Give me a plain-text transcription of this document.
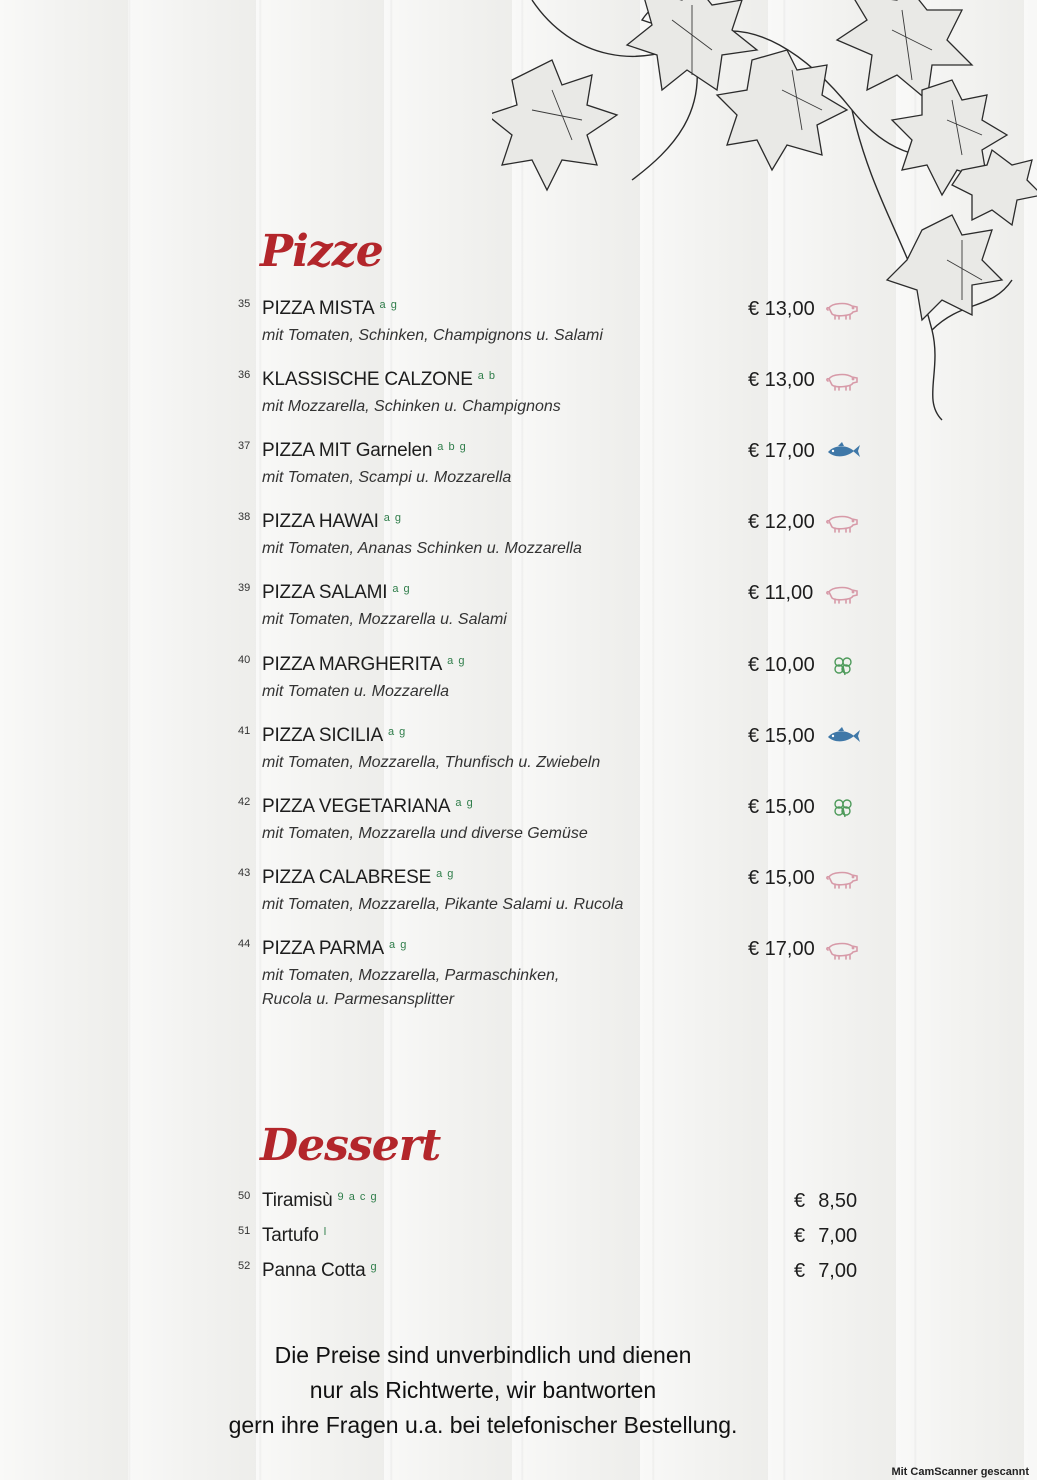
Pizze
35 PIZZA MISTA $^{a g}$
mit Tomaten, Schinken, Champignons u. Salami
€ 13,00
36 KLASSISCHE CALZONE $^{a b}$
mit Mozzarella, Schinken u. Champignons
€ 13,00
37 PIZZA MIT Garnelen $^{a b g}$
mit Tomaten, Scampi u. Mozzarella
€ 17,00
38 PIZZA HAWAI $^{a g}$
mit Tomaten, Ananas Schinken u. Mozzarella
€ 12,00
39 PIZZA SALAMI $^{a g}$
mit Tomaten, Mozzarella u. Salami
€ 11,00
40 PIZZA MARGHERITA $^{a g}$
mit Tomaten u. Mozzarella
€ 10,00
41 PIZZA SICILIA $^{a g}$
mit Tomaten, Mozzarella, Thunfisch u. Zwiebeln
€ 15,00
42 PIZZA VEGETARIANA $^{a g}$
mit Tomaten, Mozzarella und diverse Gemüse
€ 15,00
43 PIZZA CALABRESE $^{a g}$
mit Tomaten, Mozzarella, Pikante Salami u. Rucola
€ 15,00
44 PIZZA PARMA $^{a g}$
mit Tomaten, Mozzarella, Parmaschinken,
Rucola u. Parmesansplitter
€ 17,00
Dessert
50 Tiramisù $^{9 a c g}$	€ 8,50
51 Tartufo $^l$	€ 7,00
52 Panna Cotta $^g$	€ 7,00
Die Preise sind unverbindlich und dienen
nur als Richtwerte, wir bantworten
gern ihre Fragen u.a. bei telefonischer Bestellung.
Mit CamScanner gescannt
